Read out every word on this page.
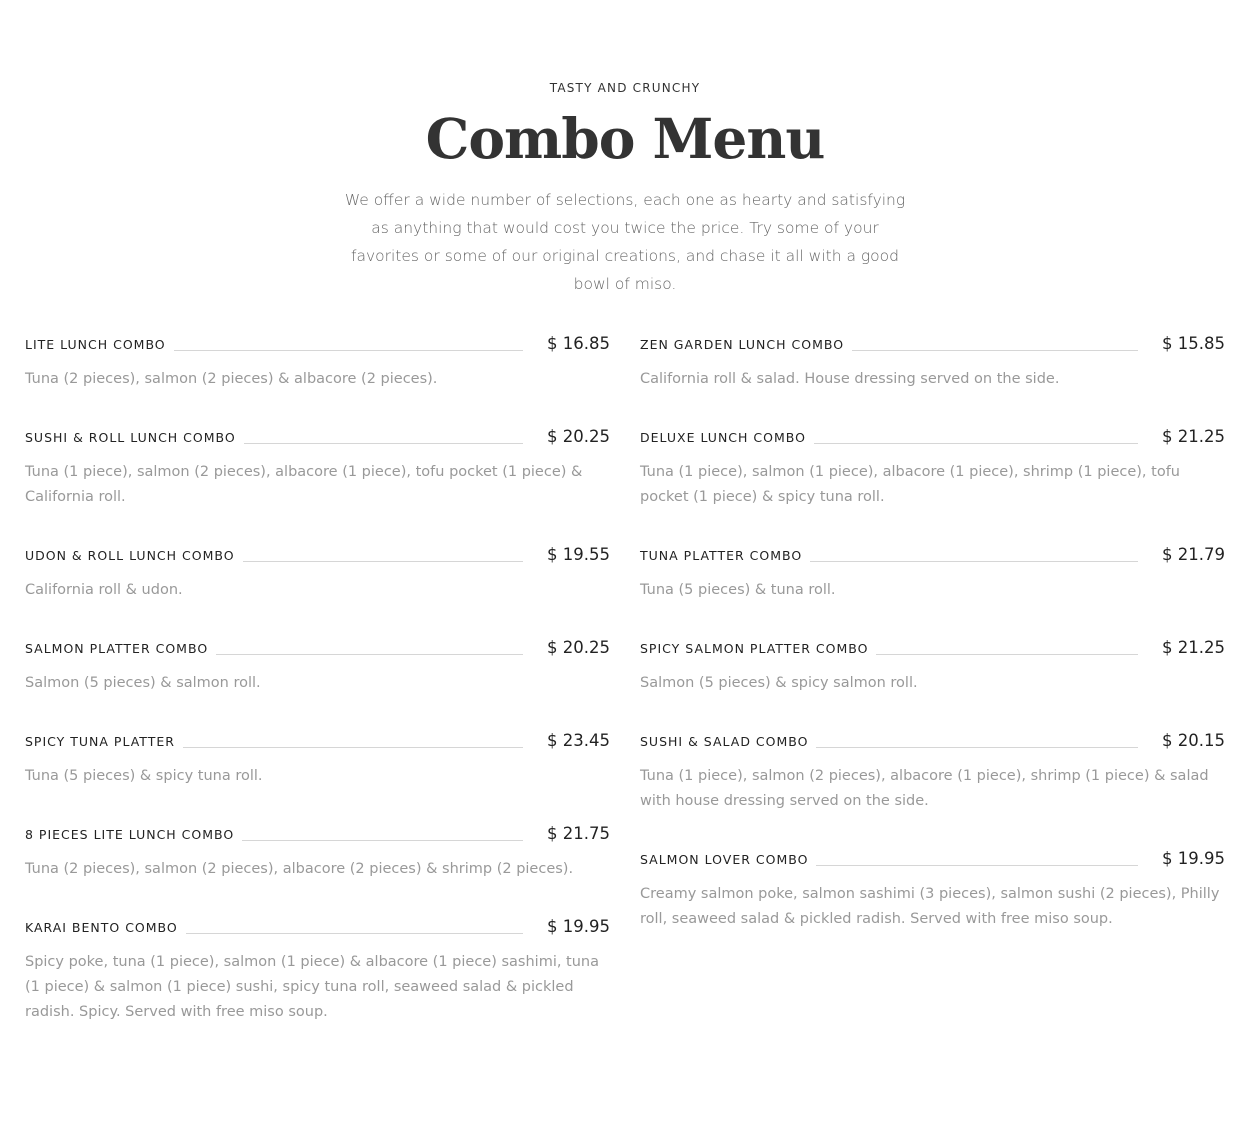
TASTY AND CRUNCHY
Combo Menu

We offer a wide number of selections, each one as hearty and satisfying as anything that would cost you twice the price. Try some of your favorites or some of our original creations, and chase it all with a good bowl of miso.

LITE LUNCH COMBO	$ 16.85

Tuna (2 pieces), salmon (2 pieces) & albacore (2 pieces).

SUSHI & ROLL LUNCH COMBO	$ 20.25

Tuna (1 piece), salmon (2 pieces), albacore (1 piece), tofu pocket (1 piece) & California roll.

UDON & ROLL LUNCH COMBO	$ 19.55

California roll & udon.

SALMON PLATTER COMBO	$ 20.25

Salmon (5 pieces) & salmon roll.

SPICY TUNA PLATTER	$ 23.45

Tuna (5 pieces) & spicy tuna roll.

8 PIECES LITE LUNCH COMBO	$ 21.75

Tuna (2 pieces), salmon (2 pieces), albacore (2 pieces) & shrimp (2 pieces).

KARAI BENTO COMBO	$ 19.95

Spicy poke, tuna (1 piece), salmon (1 piece) & albacore (1 piece) sashimi, tuna (1 piece) & salmon (1 piece) sushi, spicy tuna roll, seaweed salad & pickled radish. Spicy. Served with free miso soup.

ZEN GARDEN LUNCH COMBO	$ 15.85

California roll & salad. House dressing served on the side.

DELUXE LUNCH COMBO	$ 21.25

Tuna (1 piece), salmon (1 piece), albacore (1 piece), shrimp (1 piece), tofu pocket (1 piece) & spicy tuna roll.

TUNA PLATTER COMBO	$ 21.79

Tuna (5 pieces) & tuna roll.

SPICY SALMON PLATTER COMBO	$ 21.25

Salmon (5 pieces) & spicy salmon roll.

SUSHI & SALAD COMBO	$ 20.15

Tuna (1 piece), salmon (2 pieces), albacore (1 piece), shrimp (1 piece) & salad with house dressing served on the side.

SALMON LOVER COMBO	$ 19.95

Creamy salmon poke, salmon sashimi (3 pieces), salmon sushi (2 pieces), Philly roll, seaweed salad & pickled radish. Served with free miso soup.
